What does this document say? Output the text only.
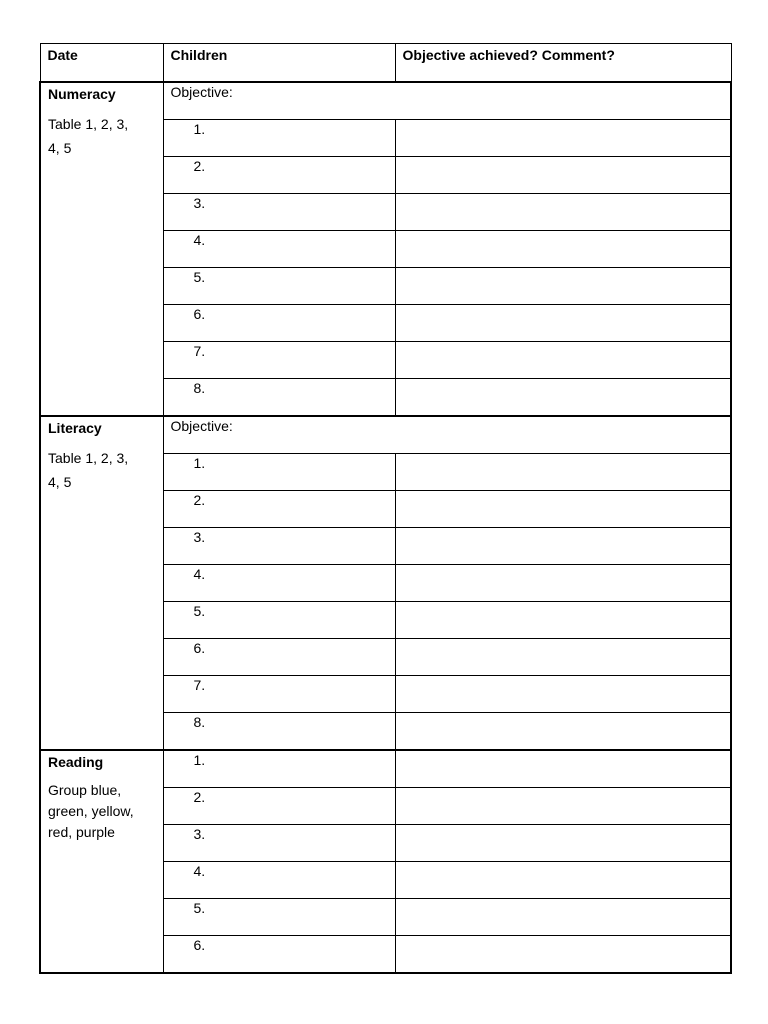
Date	Children	Objective achieved? Comment?

Numeracy
Table 1, 2, 3,
4, 5	Objective:	

	1.	

	2.	

	3.	

	4.	

	5.	

	6.	

	7.	

	8.	

Literacy
Table 1, 2, 3,
4, 5	Objective:	

	1.	

	2.	

	3.	

	4.	

	5.	

	6.	

	7.	

	8.	

Reading
Group blue,
green, yellow,
red, purple	1.	

	2.	

	3.	

	4.	

	5.	

	6.	
